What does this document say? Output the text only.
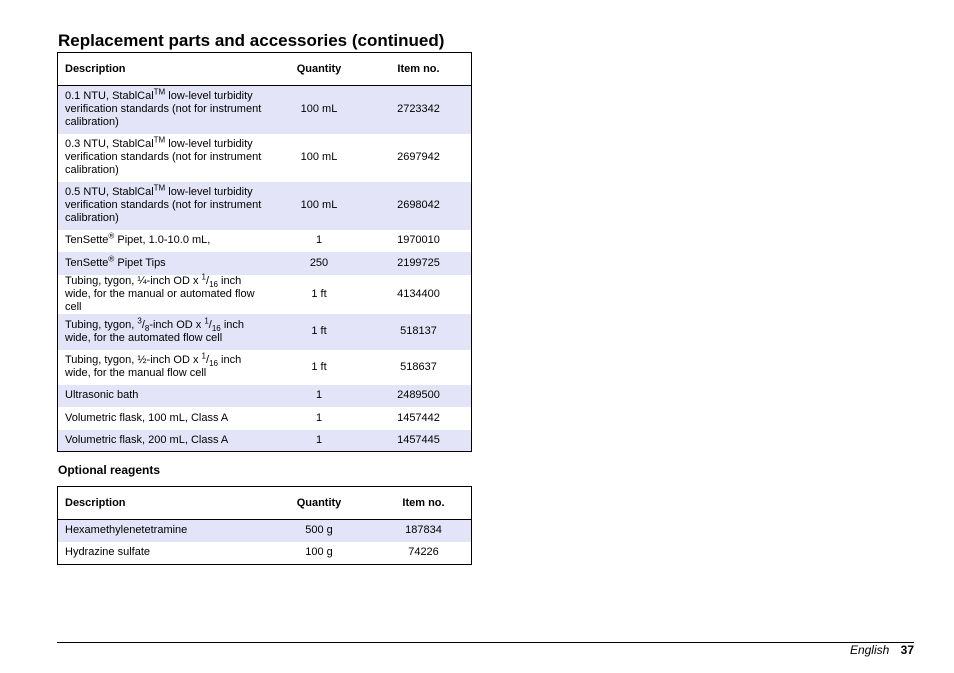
Replacement parts and accessories (continued)
Description	Quantity	Item no.
0.1 NTU, StablCal™ low-level turbidity verification standards (not for instrument calibration)	100 mL	2723342
0.3 NTU, StablCal™ low-level turbidity verification standards (not for instrument calibration)	100 mL	2697942
0.5 NTU, StablCal™ low-level turbidity verification standards (not for instrument calibration)	100 mL	2698042
TenSette® Pipet, 1.0-10.0 mL,	1	1970010
TenSette® Pipet Tips	250	2199725
Tubing, tygon, ¼-inch OD x $^1/_{16}$ inch wide, for the manual or automated flow cell	1 ft	4134400
Tubing, tygon, $^3/_8$-inch OD x $^1/_{16}$ inch wide, for the automated flow cell	1 ft	518137
Tubing, tygon, ½-inch OD x $^1/_{16}$ inch wide, for the manual flow cell	1 ft	518637
Ultrasonic bath	1	2489500
Volumetric flask, 100 mL, Class A	1	1457442
Volumetric flask, 200 mL, Class A	1	1457445
Optional reagents
Description	Quantity	Item no.
Hexamethylenetetramine	500 g	187834
Hydrazine sulfate	100 g	74226
English 37
